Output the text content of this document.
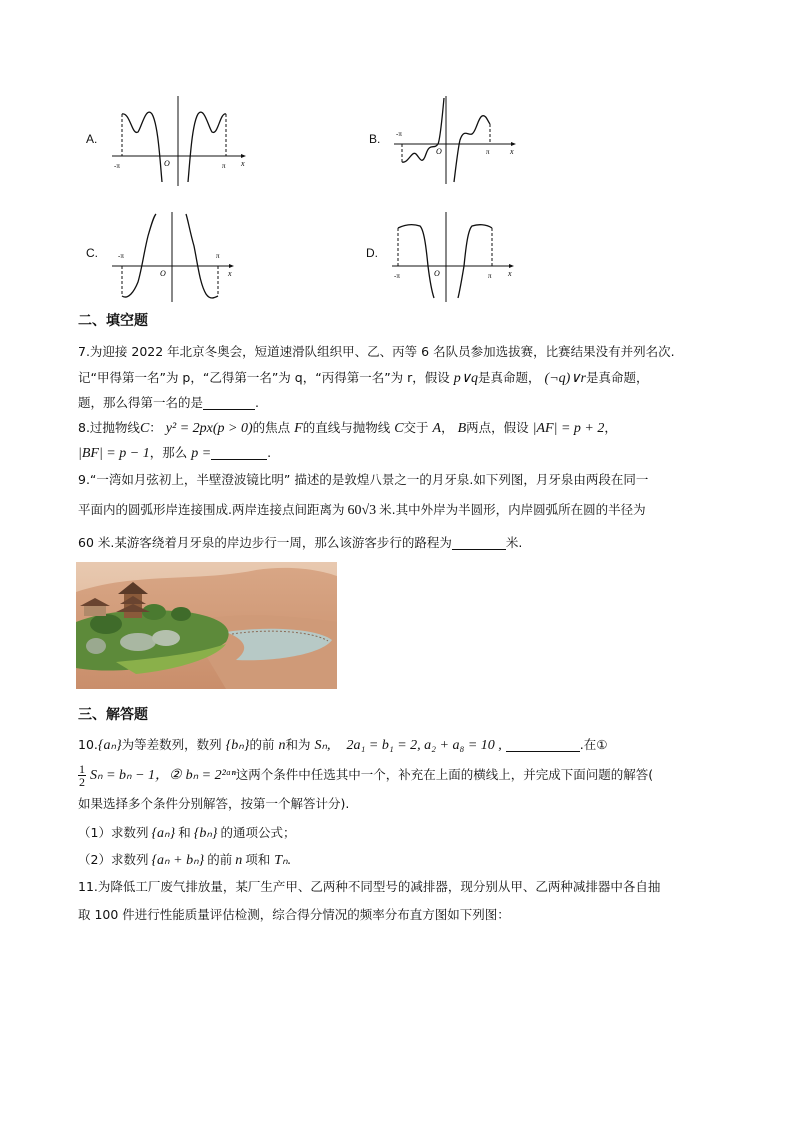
A.
-π	π
O	x
B. -π
π
O	x
C.	-π	π
O	x
D.
-π	π
O	x
二、填空题
7.为迎接 2022 年北京冬奥会，短道速滑队组织甲、乙、丙等 6 名队员参加选拔赛，比赛结果没有并列名次.
记“甲得第一名”为 p，“乙得第一名”为 q，“丙得第一名”为 r，假设 p∨q是真命题， (¬q)∨r是真命题，
题，那么得第一名的是	.
8.过抛物线C： y² = 2px(p > 0)的焦点 F的直线与抛物线 C交于 A， B两点，假设 |AF| = p + 2，
|BF| = p − 1，那么 p =	.
9.“一湾如月弦初上，半壁澄波镜比明” 描述的是敦煌八景之一的月牙泉.如下列图，月牙泉由两段在同一
平面内的圆弧形岸连接围成.两岸连接点间距离为 60√3 米.其中外岸为半圆形，内岸圆弧所在圆的半径为
60 米.某游客绕着月牙泉的岸边步行一周，那么该游客步行的路程为	米.
三、解答题
10.{aₙ}为等差数列，数列 {bₙ}的前 n和为 Sₙ, 2a₁ = b₁ = 2, a₂ + a₈ = 10 ,	.在①
$\frac{1}{2}$ Sₙ = bₙ − 1，② bₙ = 2²ᵃⁿ这两个条件中任选其中一个，补充在上面的横线上，并完成下面问题的解答(
如果选择多个条件分别解答，按第一个解答计分).
（1）求数列 {aₙ} 和 {bₙ} 的通项公式；
（2）求数列 {aₙ + bₙ} 的前 n 项和 Tₙ.
11.为降低工厂废气排放量，某厂生产甲、乙两种不同型号的减排器，现分别从甲、乙两种减排器中各自抽
取 100 件进行性能质量评估检测，综合得分情况的频率分布直方图如下列图：
